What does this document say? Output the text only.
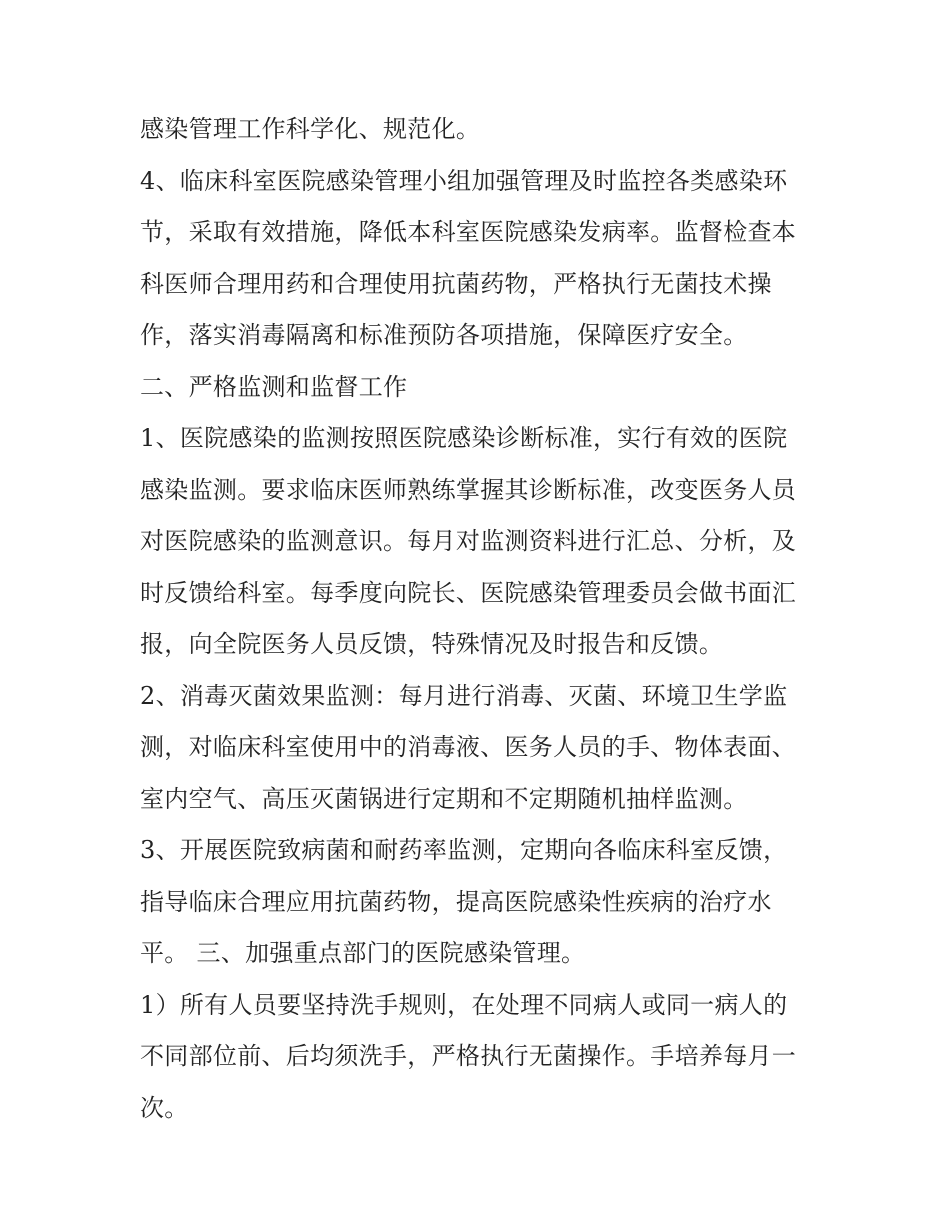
感染管理工作科学化、规范化。
4、临床科室医院感染管理小组加强管理及时监控各类感染环
节，采取有效措施，降低本科室医院感染发病率。监督检查本
科医师合理用药和合理使用抗菌药物，严格执行无菌技术操
作，落实消毒隔离和标准预防各项措施，保障医疗安全。
二、严格监测和监督工作
1、医院感染的监测按照医院感染诊断标准，实行有效的医院
感染监测。要求临床医师熟练掌握其诊断标准，改变医务人员
对医院感染的监测意识。每月对监测资料进行汇总、分析，及
时反馈给科室。每季度向院长、医院感染管理委员会做书面汇
报，向全院医务人员反馈，特殊情况及时报告和反馈。
2、消毒灭菌效果监测：每月进行消毒、灭菌、环境卫生学监
测，对临床科室使用中的消毒液、医务人员的手、物体表面、
室内空气、高压灭菌锅进行定期和不定期随机抽样监测。
3、开展医院致病菌和耐药率监测，定期向各临床科室反馈，
指导临床合理应用抗菌药物，提高医院感染性疾病的治疗水
平。 三、加强重点部门的医院感染管理。
1）所有人员要坚持洗手规则，在处理不同病人或同一病人的
不同部位前、后均须洗手，严格执行无菌操作。手培养每月一
次。
